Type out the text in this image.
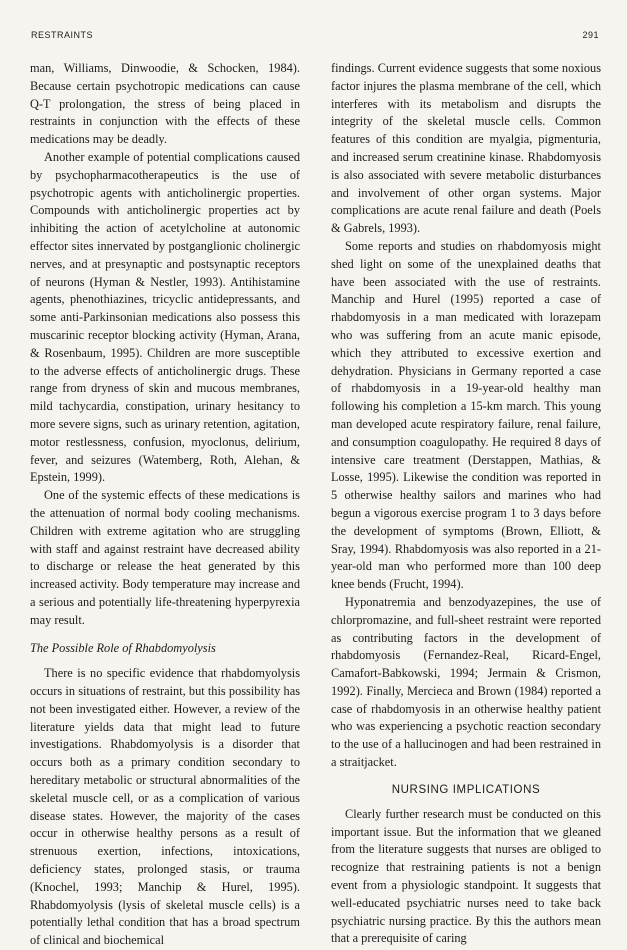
RESTRAINTS	291

man, Williams, Dinwoodie, & Schocken, 1984). Because certain psychotropic medications can cause Q-T prolongation, the stress of being placed in restraints in conjunction with the effects of these medications may be deadly.

Another example of potential complications caused by psychopharmacotherapeutics is the use of psychotropic agents with anticholinergic properties. Compounds with anticholinergic properties act by inhibiting the action of acetylcholine at autonomic effector sites innervated by postganglionic cholinergic nerves, and at presynaptic and postsynaptic receptors of neurons (Hyman & Nestler, 1993). Antihistamine agents, phenothiazines, tricyclic antidepressants, and some anti-Parkinsonian medications also possess this muscarinic receptor blocking activity (Hyman, Arana, & Rosenbaum, 1995). Children are more susceptible to the adverse effects of anticholinergic drugs. These range from dryness of skin and mucous membranes, mild tachycardia, constipation, urinary hesitancy to more severe signs, such as urinary retention, agitation, motor restlessness, confusion, myoclonus, delirium, fever, and seizures (Watemberg, Roth, Alehan, & Epstein, 1999).

One of the systemic effects of these medications is the attenuation of normal body cooling mechanisms. Children with extreme agitation who are struggling with staff and against restraint have decreased ability to discharge or release the heat generated by this increased activity. Body temperature may increase and a serious and potentially life-threatening hyperpyrexia may result.

The Possible Role of Rhabdomyolysis

There is no specific evidence that rhabdomyolysis occurs in situations of restraint, but this possibility has not been investigated either. However, a review of the literature yields data that might lead to future investigations. Rhabdomyolysis is a disorder that occurs both as a primary condition secondary to hereditary metabolic or structural abnormalities of the skeletal muscle cell, or as a complication of various disease states. However, the majority of the cases occur in otherwise healthy persons as a result of strenuous exertion, infections, intoxications, deficiency states, prolonged stasis, or trauma (Knochel, 1993; Manchip & Hurel, 1995). Rhabdomyolysis (lysis of skeletal muscle cells) is a potentially lethal condition that has a broad spectrum of clinical and biochemical

findings. Current evidence suggests that some noxious factor injures the plasma membrane of the cell, which interferes with its metabolism and disrupts the integrity of the skeletal muscle cells. Common features of this condition are myalgia, pigmenturia, and increased serum creatinine kinase. Rhabdomyosis is also associated with severe metabolic disturbances and involvement of other organ systems. Major complications are acute renal failure and death (Poels & Gabrels, 1993).

Some reports and studies on rhabdomyosis might shed light on some of the unexplained deaths that have been associated with the use of restraints. Manchip and Hurel (1995) reported a case of rhabdomyosis in a man medicated with lorazepam who was suffering from an acute manic episode, which they attributed to excessive exertion and dehydration. Physicians in Germany reported a case of rhabdomyosis in a 19-year-old healthy man following his completion a 15-km march. This young man developed acute respiratory failure, renal failure, and consumption coagulopathy. He required 8 days of intensive care treatment (Derstappen, Mathias, & Losse, 1995). Likewise the condition was reported in 5 otherwise healthy sailors and marines who had begun a vigorous exercise program 1 to 3 days before the development of symptoms (Brown, Elliott, & Sray, 1994). Rhabdomyosis was also reported in a 21-year-old man who performed more than 100 deep knee bends (Frucht, 1994).

Hyponatremia and benzodyazepines, the use of chlorpromazine, and full-sheet restraint were reported as contributing factors in the development of rhabdomyosis (Fernandez-Real, Ricard-Engel, Camafort-Babkowski, 1994; Jermain & Crismon, 1992). Finally, Mercieca and Brown (1984) reported a case of rhabdomyosis in an otherwise healthy patient who was experiencing a psychotic reaction secondary to the use of a hallucinogen and had been restrained in a straitjacket.

NURSING IMPLICATIONS

Clearly further research must be conducted on this important issue. But the information that we gleaned from the literature suggests that nurses are obliged to recognize that restraining patients is not a benign event from a physiologic standpoint. It suggests that well-educated psychiatric nurses need to take back psychiatric nursing practice. By this the authors mean that a prerequisite of caring
